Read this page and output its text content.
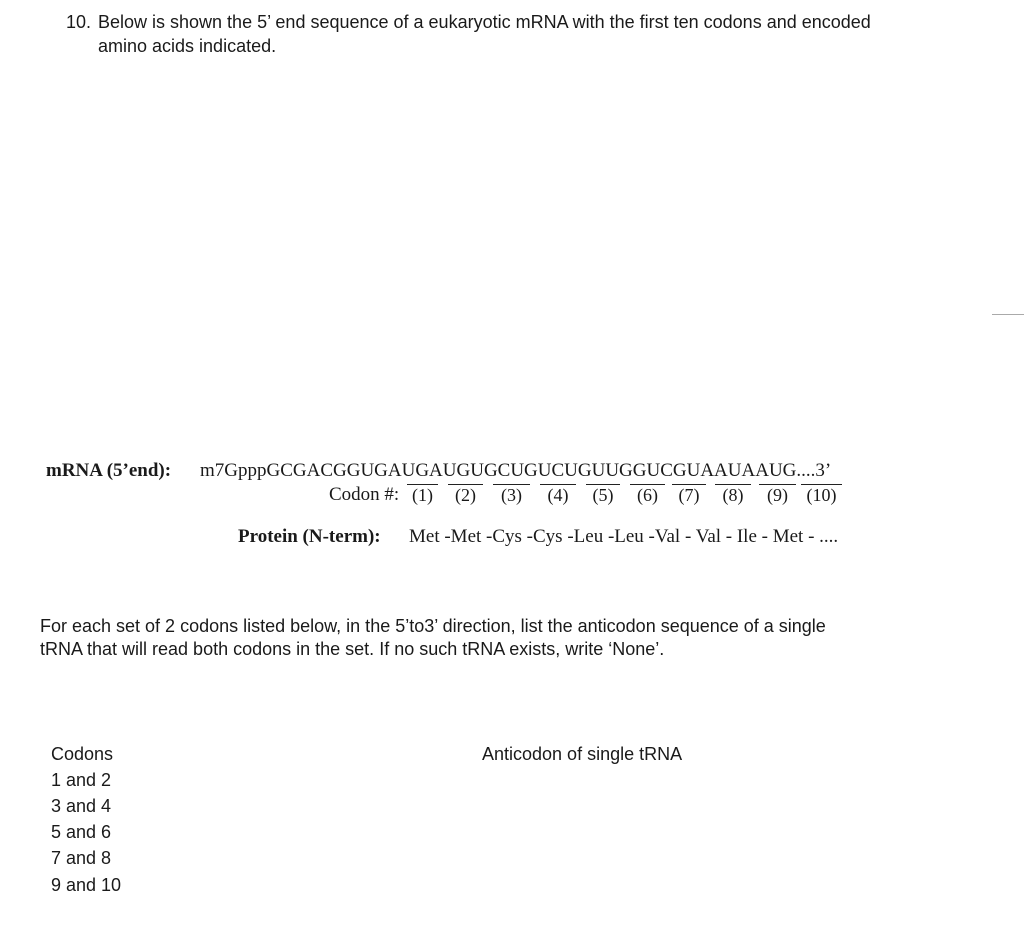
10. Below is shown the 5’ end sequence of a eukaryotic mRNA with the first ten codons and encoded
amino acids indicated.
mRNA (5’end): m7GpppGCGACGGUGAUGAUGUGCUGUCUGUUGGUCGUAAUAAUG....3’
Codon #: (1)	(2)	(3)	(4)	(5)	(6)	(7)	(8)	(9)	(10)
Protein (N-term): Met -Met -Cys -Cys -Leu -Leu -Val - Val - Ile - Met - ....
For each set of 2 codons listed below, in the 5’to3’ direction, list the anticodon sequence of a single
tRNA that will read both codons in the set. If no such tRNA exists, write ‘None’.
Codons	Anticodon of single tRNA
1 and 2
3 and 4
5 and 6
7 and 8
9 and 10
